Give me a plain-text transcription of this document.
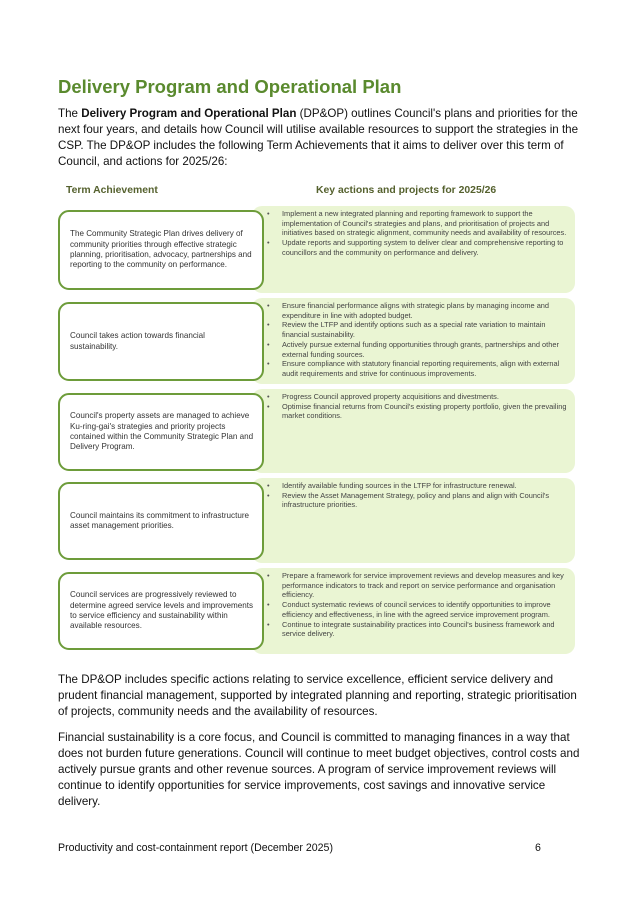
Delivery Program and Operational Plan

The Delivery Program and Operational Plan (DP&OP) outlines Council's plans and priorities for the next four years, and details how Council will utilise available resources to support the strategies in the CSP. The DP&OP includes the following Term Achievements that it aims to deliver over this term of Council, and actions for 2025/26:

Term Achievement	Key actions and projects for 2025/26
• Implement a new integrated planning and reporting framework to support the implementation of Council's strategies and plans, and prioritisation of projects and initiatives based on strategic alignment, community needs and availability of resources.
• Update reports and supporting system to deliver clear and comprehensive reporting to councillors and the community on performance and delivery.

The Community Strategic Plan drives delivery of community priorities through effective strategic planning, prioritisation, advocacy, partnerships and reporting to the community on performance.

• Ensure financial performance aligns with strategic plans by managing income and expenditure in line with adopted budget.
• Review the LTFP and identify options such as a special rate variation to maintain financial sustainability.
• Actively pursue external funding opportunities through grants, partnerships and other external funding sources.
• Ensure compliance with statutory financial reporting requirements, align with external audit requirements and strive for continuous improvements.

Council takes action towards financial sustainability.

• Progress Council approved property acquisitions and divestments.
• Optimise financial returns from Council's existing property portfolio, given the prevailing market conditions.

Council's property assets are managed to achieve Ku-ring-gai's strategies and priority projects contained within the Community Strategic Plan and Delivery Program.

• Identify available funding sources in the LTFP for infrastructure renewal.
• Review the Asset Management Strategy, policy and plans and align with Council's infrastructure priorities.

Council maintains its commitment to infrastructure asset management priorities.

• Prepare a framework for service improvement reviews and develop measures and key performance indicators to track and report on service performance and organisation efficiency.
• Conduct systematic reviews of council services to identify opportunities to improve efficiency and effectiveness, in line with the agreed service improvement program.
• Continue to integrate sustainability practices into Council's business framework and service delivery.

Council services are progressively reviewed to determine agreed service levels and improvements to service efficiency and sustainability within available resources.

The DP&OP includes specific actions relating to service excellence, efficient service delivery and prudent financial management, supported by integrated planning and reporting, strategic prioritisation of projects, community needs and the availability of resources.

Financial sustainability is a core focus, and Council is committed to managing finances in a way that does not burden future generations. Council will continue to meet budget objectives, control costs and actively pursue grants and other revenue sources. A program of service improvement reviews will continue to identify opportunities for service improvements, cost savings and innovative service delivery.

Productivity and cost-containment report (December 2025)	6
